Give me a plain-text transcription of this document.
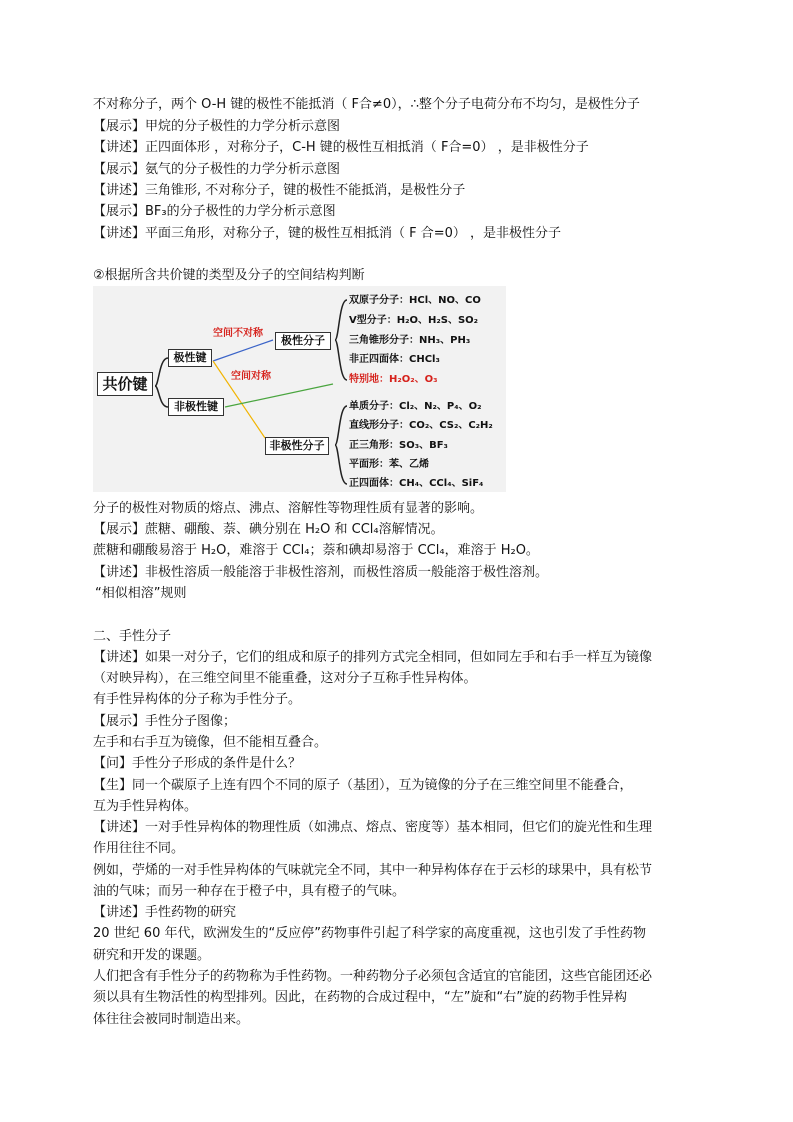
不对称分子，两个 O-H 键的极性不能抵消（ F合≠0），∴整个分子电荷分布不均匀，是极性分子
【展示】甲烷的分子极性的力学分析示意图
【讲述】正四面体形 ，对称分子，C-H 键的极性互相抵消（ F合=0） ，是非极性分子
【展示】氨气的分子极性的力学分析示意图
【讲述】三角锥形, 不对称分子，键的极性不能抵消，是极性分子
【展示】BF₃的分子极性的力学分析示意图
【讲述】平面三角形，对称分子，键的极性互相抵消（ F 合=0） ，是非极性分子
②根据所含共价键的类型及分子的空间结构判断
共价键
极性键
非极性键
空间不对称
空间对称
极性分子
非极性分子
双原子分子：HCl、NO、CO
V型分子：H₂O、H₂S、SO₂
三角锥形分子：NH₃、PH₃
非正四面体：CHCl₃
特别地：H₂O₂、O₃
单质分子：Cl₂、N₂、P₄、O₂
直线形分子：CO₂、CS₂、C₂H₂
正三角形：SO₃、BF₃
平面形：苯、乙烯
正四面体：CH₄、CCl₄、SiF₄
分子的极性对物质的熔点、沸点、溶解性等物理性质有显著的影响。
【展示】蔗糖、硼酸、萘、碘分别在 H₂O 和 CCl₄溶解情况。
蔗糖和硼酸易溶于 H₂O，难溶于 CCl₄；萘和碘却易溶于 CCl₄，难溶于 H₂O。
【讲述】非极性溶质一般能溶于非极性溶剂，而极性溶质一般能溶于极性溶剂。
“相似相溶”规则
二、手性分子
【讲述】如果一对分子，它们的组成和原子的排列方式完全相同，但如同左手和右手一样互为镜像
（对映异构），在三维空间里不能重叠，这对分子互称手性异构体。
有手性异构体的分子称为手性分子。
【展示】手性分子图像；
左手和右手互为镜像，但不能相互叠合。
【问】手性分子形成的条件是什么？
【生】同一个碳原子上连有四个不同的原子（基团），互为镜像的分子在三维空间里不能叠合，
互为手性异构体。
【讲述】一对手性异构体的物理性质（如沸点、熔点、密度等）基本相同，但它们的旋光性和生理
作用往往不同。
例如，苧烯的一对手性异构体的气味就完全不同，其中一种异构体存在于云杉的球果中，具有松节
油的气味；而另一种存在于橙子中，具有橙子的气味。
【讲述】手性药物的研究
20 世纪 60 年代，欧洲发生的“反应停”药物事件引起了科学家的高度重视，这也引发了手性药物
研究和开发的课题。
人们把含有手性分子的药物称为手性药物。一种药物分子必须包含适宜的官能团，这些官能团还必
须以具有生物活性的构型排列。因此，在药物的合成过程中，“左”旋和“右”旋的药物手性异构
体往往会被同时制造出来。
